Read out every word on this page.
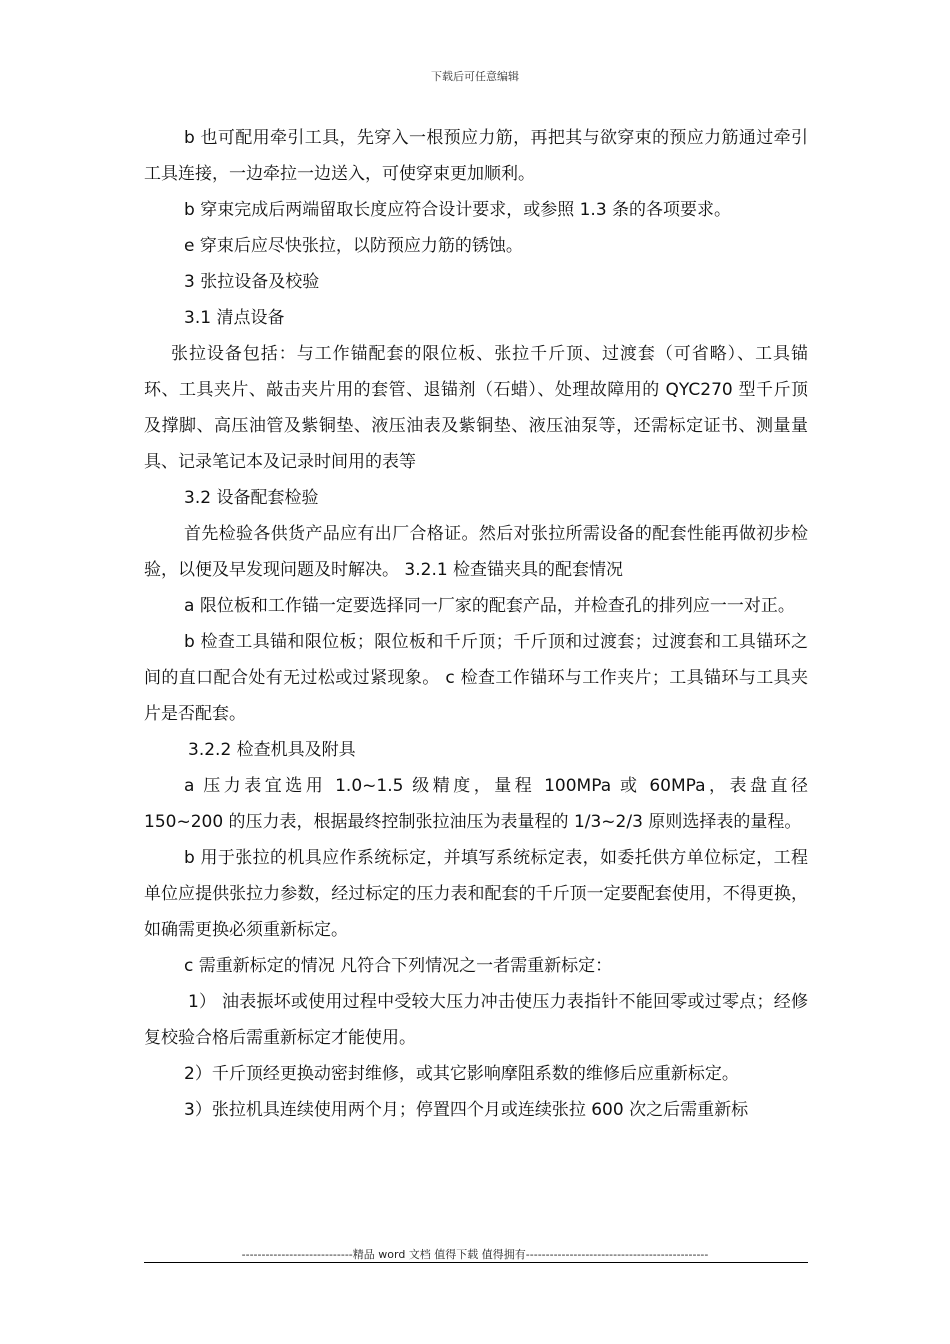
下载后可任意编辑

b 也可配用牵引工具，先穿入一根预应力筋，再把其与欲穿束的预应力筋通过牵引工具连接，一边牵拉一边送入，可使穿束更加顺利。

b 穿束完成后两端留取长度应符合设计要求，或参照 1.3 条的各项要求。

e 穿束后应尽快张拉，以防预应力筋的锈蚀。

3 张拉设备及校验

3.1 清点设备

张拉设备包括：与工作锚配套的限位板、张拉千斤顶、过渡套（可省略）、工具锚环、工具夹片、敲击夹片用的套管、退锚剂（石蜡）、处理故障用的 QYC270 型千斤顶及撑脚、高压油管及紫铜垫、液压油表及紫铜垫、液压油泵等，还需标定证书、测量量具、记录笔记本及记录时间用的表等

3.2 设备配套检验

首先检验各供货产品应有出厂合格证。然后对张拉所需设备的配套性能再做初步检验，以便及早发现问题及时解决。 3.2.1 检查锚夹具的配套情况

a 限位板和工作锚一定要选择同一厂家的配套产品，并检查孔的排列应一一对正。

b 检查工具锚和限位板；限位板和千斤顶；千斤顶和过渡套；过渡套和工具锚环之间的直口配合处有无过松或过紧现象。 c 检查工作锚环与工作夹片；工具锚环与工具夹片是否配套。

3.2.2 检查机具及附具

a 压力表宜选用 1.0~1.5 级精度，量程 100MPa 或 60MPa，表盘直径 150~200 的压力表，根据最终控制张拉油压为表量程的 1/3~2/3 原则选择表的量程。

b 用于张拉的机具应作系统标定，并填写系统标定表，如委托供方单位标定，工程单位应提供张拉力参数，经过标定的压力表和配套的千斤顶一定要配套使用，不得更换，如确需更换必须重新标定。

c 需重新标定的情况 凡符合下列情况之一者需重新标定：

1） 油表振坏或使用过程中受较大压力冲击使压力表指针不能回零或过零点；经修复校验合格后需重新标定才能使用。

2）千斤顶经更换动密封维修，或其它影响摩阻系数的维修后应重新标定。

3）张拉机具连续使用两个月；停置四个月或连续张拉 600 次之后需重新标

----------------------------精品 word 文档 值得下载 值得拥有----------------------------------------------
